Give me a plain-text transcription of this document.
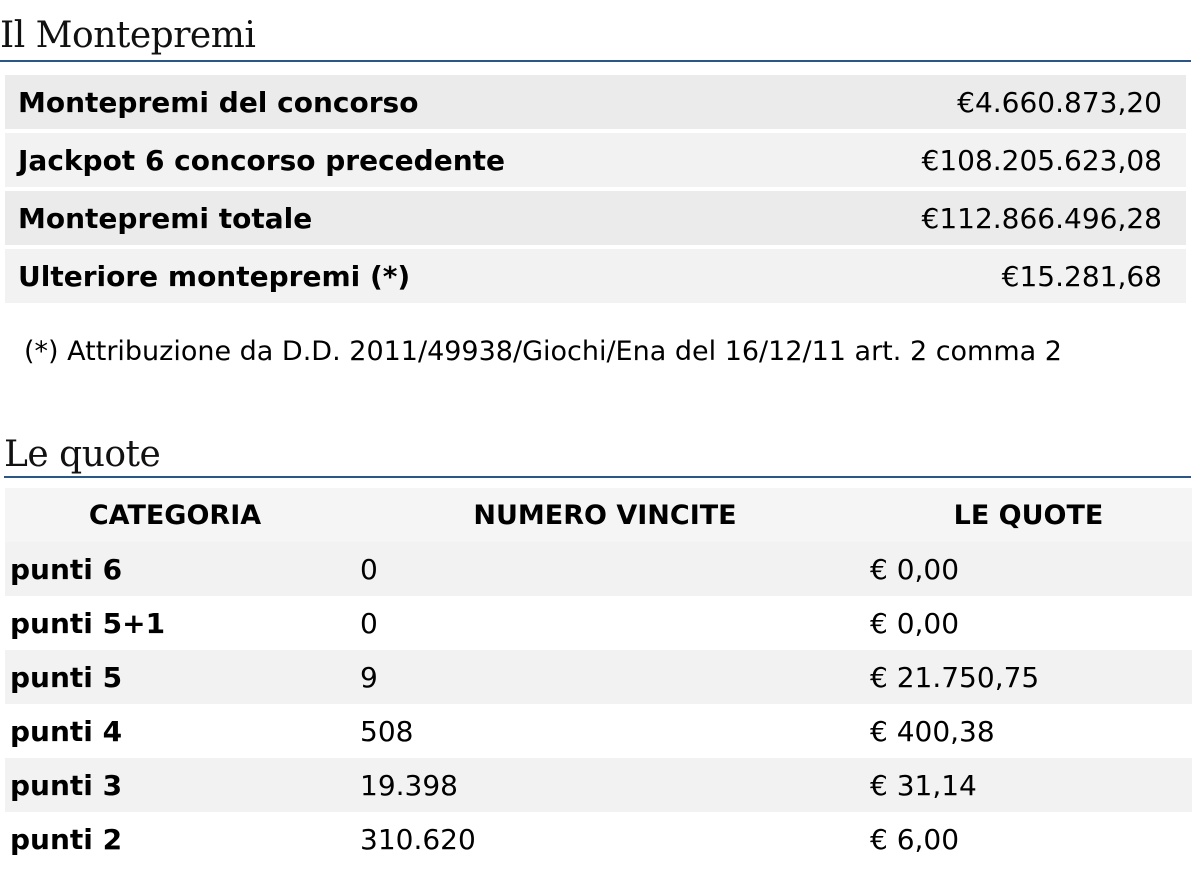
Il Montepremi
Montepremi del concorso	€4.660.873,20
Jackpot 6 concorso precedente	€108.205.623,08
Montepremi totale	€112.866.496,28
Ulteriore montepremi (*)	€15.281,68
(*) Attribuzione da D.D. 2011/49938/Giochi/Ena del 16/12/11 art. 2 comma 2
Le quote
CATEGORIA	NUMERO VINCITE	LE QUOTE
punti 6	0	€ 0,00
punti 5+1	0	€ 0,00
punti 5	9	€ 21.750,75
punti 4	508	€ 400,38
punti 3	19.398	€ 31,14
punti 2	310.620	€ 6,00
